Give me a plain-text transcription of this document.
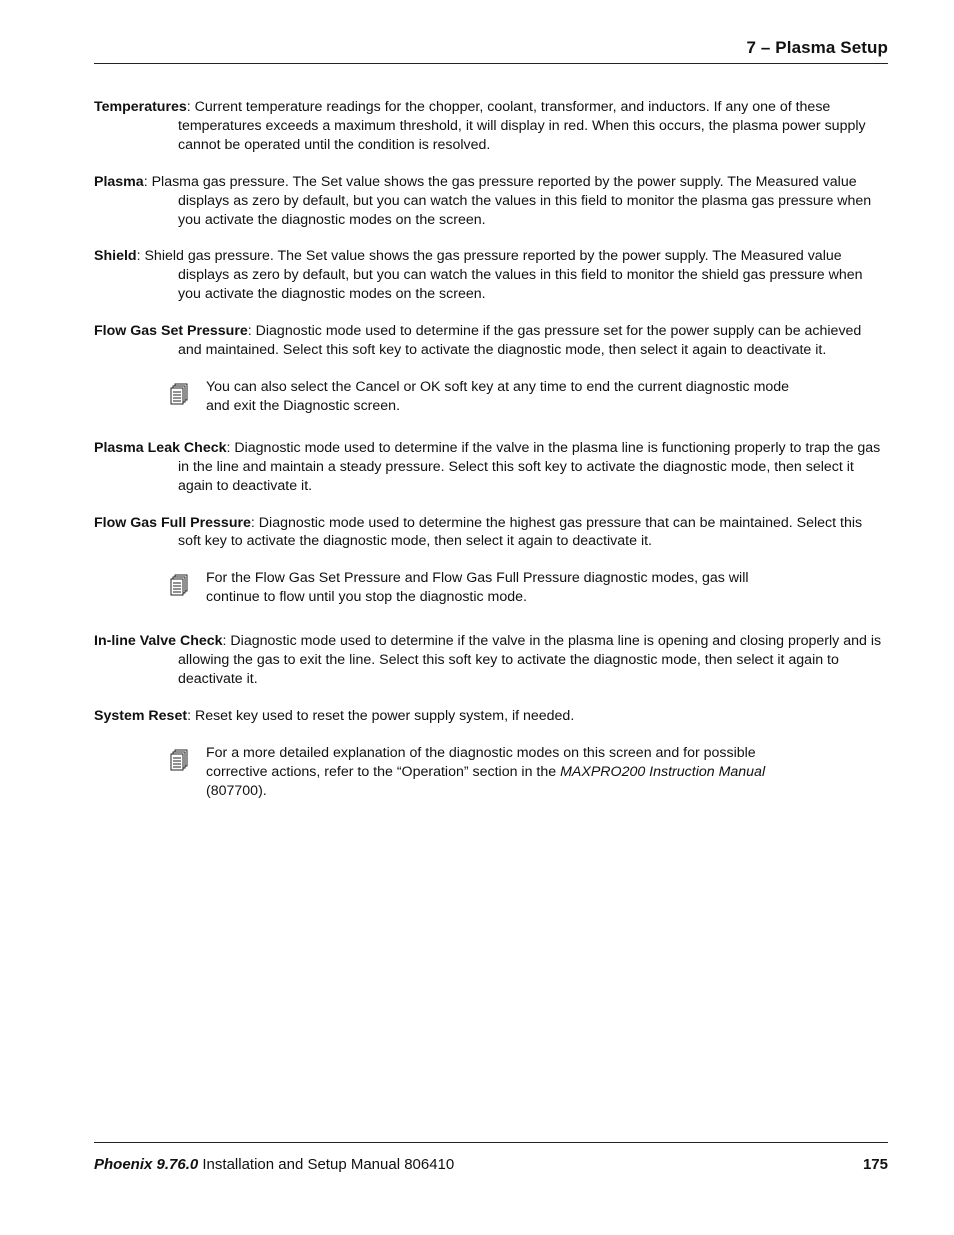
7 – Plasma Setup

Temperatures: Current temperature readings for the chopper, coolant, transformer, and inductors. If any one of these temperatures exceeds a maximum threshold, it will display in red. When this occurs, the plasma power supply cannot be operated until the condition is resolved.

Plasma: Plasma gas pressure. The Set value shows the gas pressure reported by the power supply. The Measured value displays as zero by default, but you can watch the values in this field to monitor the plasma gas pressure when you activate the diagnostic modes on the screen.

Shield: Shield gas pressure. The Set value shows the gas pressure reported by the power supply. The Measured value displays as zero by default, but you can watch the values in this field to monitor the shield gas pressure when you activate the diagnostic modes on the screen.

Flow Gas Set Pressure: Diagnostic mode used to determine if the gas pressure set for the power supply can be achieved and maintained. Select this soft key to activate the diagnostic mode, then select it again to deactivate it.

You can also select the Cancel or OK soft key at any time to end the current diagnostic mode and exit the Diagnostic screen.

Plasma Leak Check: Diagnostic mode used to determine if the valve in the plasma line is functioning properly to trap the gas in the line and maintain a steady pressure. Select this soft key to activate the diagnostic mode, then select it again to deactivate it.

Flow Gas Full Pressure: Diagnostic mode used to determine the highest gas pressure that can be maintained. Select this soft key to activate the diagnostic mode, then select it again to deactivate it.

For the Flow Gas Set Pressure and Flow Gas Full Pressure diagnostic modes, gas will continue to flow until you stop the diagnostic mode.

In-line Valve Check: Diagnostic mode used to determine if the valve in the plasma line is opening and closing properly and is allowing the gas to exit the line. Select this soft key to activate the diagnostic mode, then select it again to deactivate it.

System Reset: Reset key used to reset the power supply system, if needed.

For a more detailed explanation of the diagnostic modes on this screen and for possible corrective actions, refer to the “Operation” section in the MAXPRO200 Instruction Manual (807700).
Phoenix 9.76.0 Installation and Setup Manual 806410	175
